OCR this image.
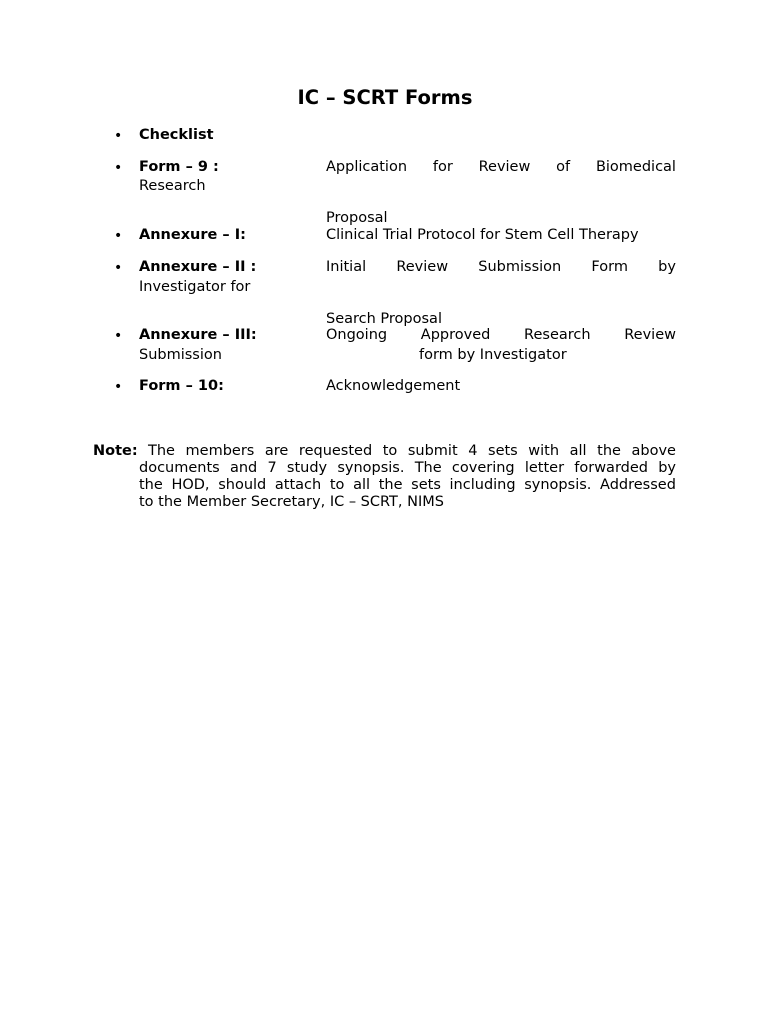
IC – SCRT Forms
• Checklist
• Form – 9 :	Application for Review of Biomedical
Research
Proposal
• Annexure – I:	Clinical Trial Protocol for Stem Cell Therapy
• Annexure – II :	Initial Review Submission Form by
Investigator for
Search Proposal
• Annexure – III:	Ongoing Approved Research Review
Submission	form by Investigator
• Form – 10:	Acknowledgement
Note: The members are requested to submit 4 sets with all the above
documents and 7 study synopsis. The covering letter forwarded by
the HOD, should attach to all the sets including synopsis. Addressed
to the Member Secretary, IC – SCRT, NIMS
